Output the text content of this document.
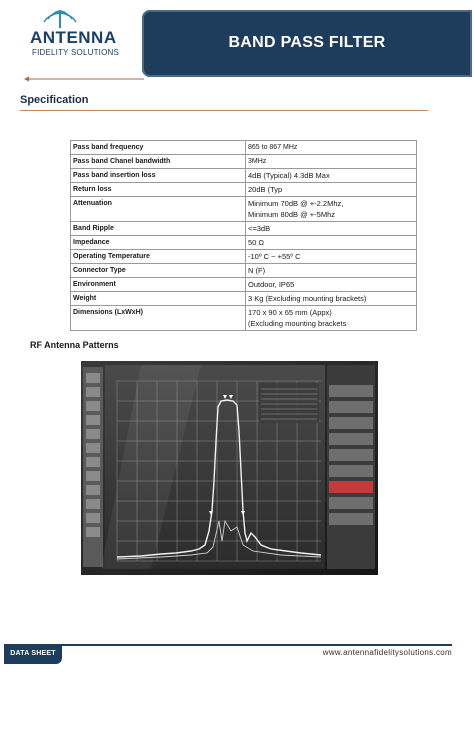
ANTENNA
FIDELITY SOLUTIONS
BAND PASS FILTER
Specification
Pass band frequency	865 to 867 MHz
Pass band Chanel bandwidth	3MHz
Pass band insertion loss	4dB (Typical) 4.3dB Max
Return loss	20dB (Typ
Attenuation	Minimum 70dB @ +-2.2Mhz,
Minimum 80dB @ +-5Mhz

Band Ripple	<=3dB
Impedance	50 Ω
Operating Temperature	-10º C ~ +55º C
Connector Type	N (F)
Environment	Outdoor, IP65
Weight	3 Kg (Excluding mounting brackets)
Dimensions (LxWxH)	170 x 90 x 65 mm (Appx)
(Excluding mounting brackets
RF Antenna Patterns
DATA SHEET	www.antennafidelitysolutions.com
